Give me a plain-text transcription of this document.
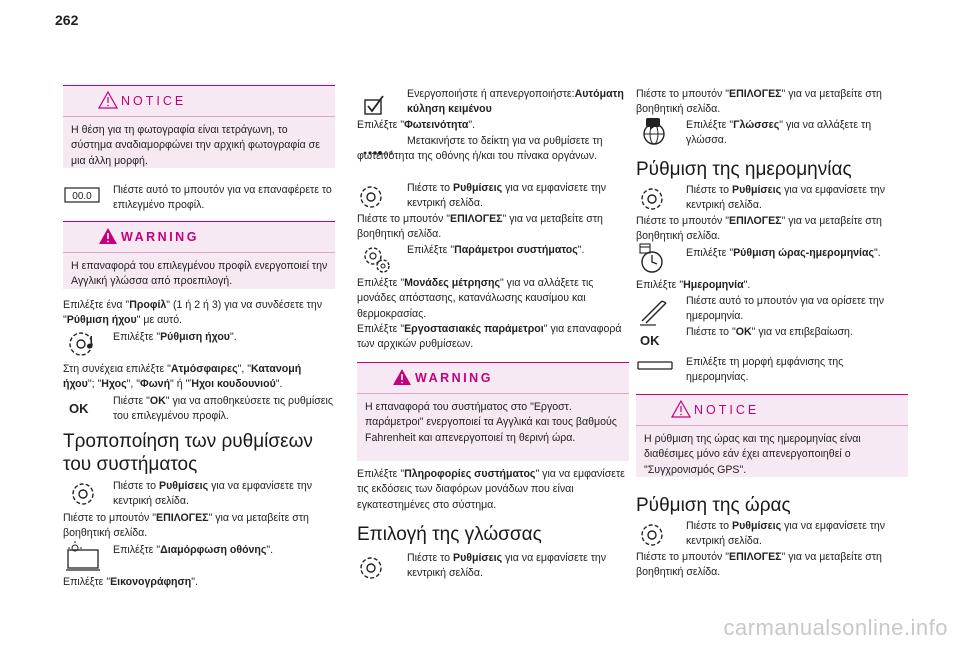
262
NOTICE
Η θέση για τη φωτογραφία είναι τετράγωνη, το σύστημα αναδιαμορφώνει την αρχική φωτογραφία σε μια άλλη μορφή.
00.0

Πιέστε αυτό το μπουτόν για να επαναφέρετε το επιλεγμένο προφίλ.

WARNING
Η επαναφορά του επιλεγμένου προφίλ ενεργοποιεί την Αγγλική γλώσσα από προεπιλογή.

Επιλέξτε ένα "Προφίλ" (1 ή 2 ή 3) για να συνδέσετε την "Ρύθμιση ήχου" με αυτό.

Επιλέξτε "Ρύθμιση ήχου".

Στη συνέχεια επιλέξτε "Ατμόσφαιρες", "Κατανομή ήχου"; "Ηχος", "Φωνή" ή "Ήχοι κουδουνιού".

OK Πιέστε "OK" για να αποθηκεύσετε τις ρυθμίσεις του επιλεγμένου προφίλ.

Τροποποίηση των ρυθμίσεων του συστήματος

Πιέστε το Ρυθμίσεις για να εμφανίσετε την κεντρική σελίδα.

Πιέστε το μπουτόν "ΕΠΙΛΟΓΕΣ" για να μεταβείτε στη βοηθητική σελίδα.

Επιλέξτε "Διαμόρφωση οθόνης".

Επιλέξτε "Εικονογράφηση".

Ενεργοποιήστε ή απενεργοποιήστε:Αυτόματη κύληση κειμένου

Επιλέξτε "Φωτεινότητα".

Μετακινήστε το δείκτη για να ρυθμίσετε τη φωτεινότητα της οθόνης ή/και του πίνακα οργάνων.

Πιέστε το Ρυθμίσεις για να εμφανίσετε την κεντρική σελίδα.

Πιέστε το μπουτόν "ΕΠΙΛΟΓΕΣ" για να μεταβείτε στη βοηθητική σελίδα.

Επιλέξτε "Παράμετροι συστήματος".

Επιλέξτε "Μονάδες μέτρησης" για να αλλάξετε τις μονάδες απόστασης, κατανάλωσης καυσίμου και θερμοκρασίας.

Επιλέξτε "Εργοστασιακές παράμετροι" για επαναφορά των αρχικών ρυθμίσεων.

WARNING
Η επαναφορά του συστήματος στο "Εργοστ. παράμετροι" ενεργοποιεί τα Αγγλικά και τους βαθμούς Fahrenheit και απενεργοποιεί τη θερινή ώρα.

Επιλέξτε "Πληροφορίες συστήματος" για να εμφανίσετε τις εκδόσεις των διαφόρων μονάδων που είναι εγκατεστημένες στο σύστημα.

Επιλογή της γλώσσας

Πιέστε το Ρυθμίσεις για να εμφανίσετε την κεντρική σελίδα.

Πιέστε το μπουτόν "ΕΠΙΛΟΓΕΣ" για να μεταβείτε στη βοηθητική σελίδα.

Επιλέξτε "Γλώσσες" για να αλλάξετε τη γλώσσα.

Ρύθμιση της ημερομηνίας

Πιέστε το Ρυθμίσεις για να εμφανίσετε την κεντρική σελίδα.

Πιέστε το μπουτόν "ΕΠΙΛΟΓΕΣ" για να μεταβείτε στη βοηθητική σελίδα.

Επιλέξτε "Ρύθμιση ώρας-ημερομηνίας".

Επιλέξτε "Ημερομηνία".

Πιέστε αυτό το μπουτόν για να ορίσετε την ημερομηνία.

OK

Πιέστε το "OK" για να επιβεβαίωση.

Επιλέξτε τη μορφή εμφάνισης της ημερομηνίας.

NOTICE
Η ρύθμιση της ώρας και της ημερομηνίας είναι διαθέσιμες μόνο εάν έχει απενεργοποιηθεί ο "Συγχρονισμός GPS".
Ρύθμιση της ώρας

Πιέστε το Ρυθμίσεις για να εμφανίσετε την κεντρική σελίδα.

Πιέστε το μπουτόν "ΕΠΙΛΟΓΕΣ" για να μεταβείτε στη βοηθητική σελίδα.

carmanualsonline.info
